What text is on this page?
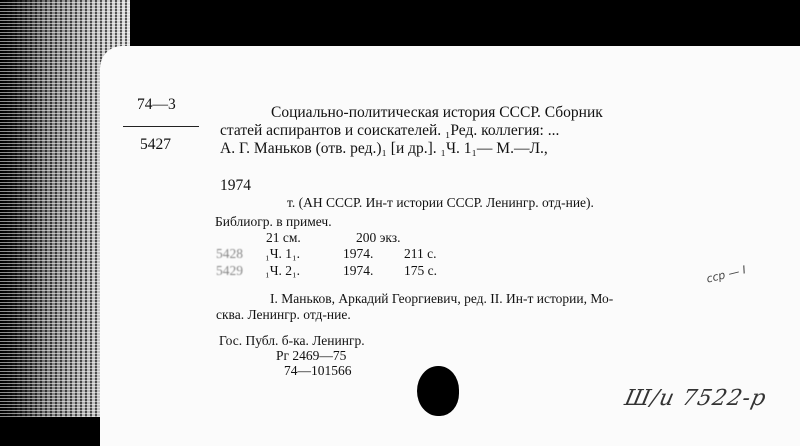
74—3
5427
Социально-политическая история СССР. Сборник
статей аспирантов и соискателей. ₁Ред. коллегия: ...
А. Г. Маньков (отв. ред.)₁ [и др.]. ₁Ч. 1₁— М.—Л.,
1974
т. (АН СССР. Ин-т истории СССР. Ленингр. отд-ние).
Библиогр. в примеч.
21 см.	200 экз.
5428 ₁Ч. 1₁.	1974. 211 с.
5429 ₁Ч. 2₁.	1974. 175 с.	сср — I
I. Маньков, Аркадий Георгиевич, ред. II. Ин-т истории, Мо-
сква. Ленингр. отд-ние.
Гос. Публ. б-ка. Ленингр.
Рг 2469—75
74—101566
Ш/и 7522-р
